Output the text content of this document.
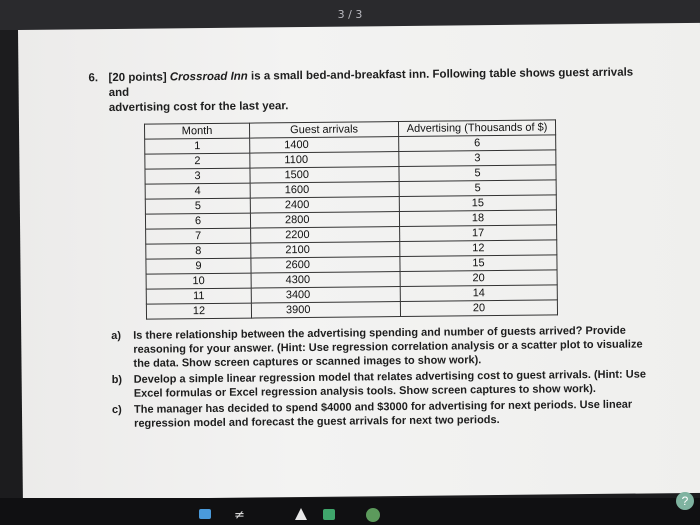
3 / 3
6. [20 points] Crossroad Inn is a small bed-and-breakfast inn. Following table shows guest arrivals and
advertising cost for the last year.
Month	Guest arrivals	Advertising (Thousands of $)
1	1400	6
2	1100	3
3	1500	5
4	1600	5
5	2400	15
6	2800	18
7	2200	17
8	2100	12
9	2600	15
10	4300	20
11	3400	14
12	3900	20
a) Is there relationship between the advertising spending and number of guests arrived? Provide
reasoning for your answer. (Hint: Use regression correlation analysis or a scatter plot to visualize
the data. Show screen captures or scanned images to show work).
b) Develop a simple linear regression model that relates advertising cost to guest arrivals. (Hint: Use
Excel formulas or Excel regression analysis tools. Show screen captures to show work).
c) The manager has decided to spend $4000 and $3000 for advertising for next periods. Use linear
regression model and forecast the guest arrivals for next two periods.
≠
?
